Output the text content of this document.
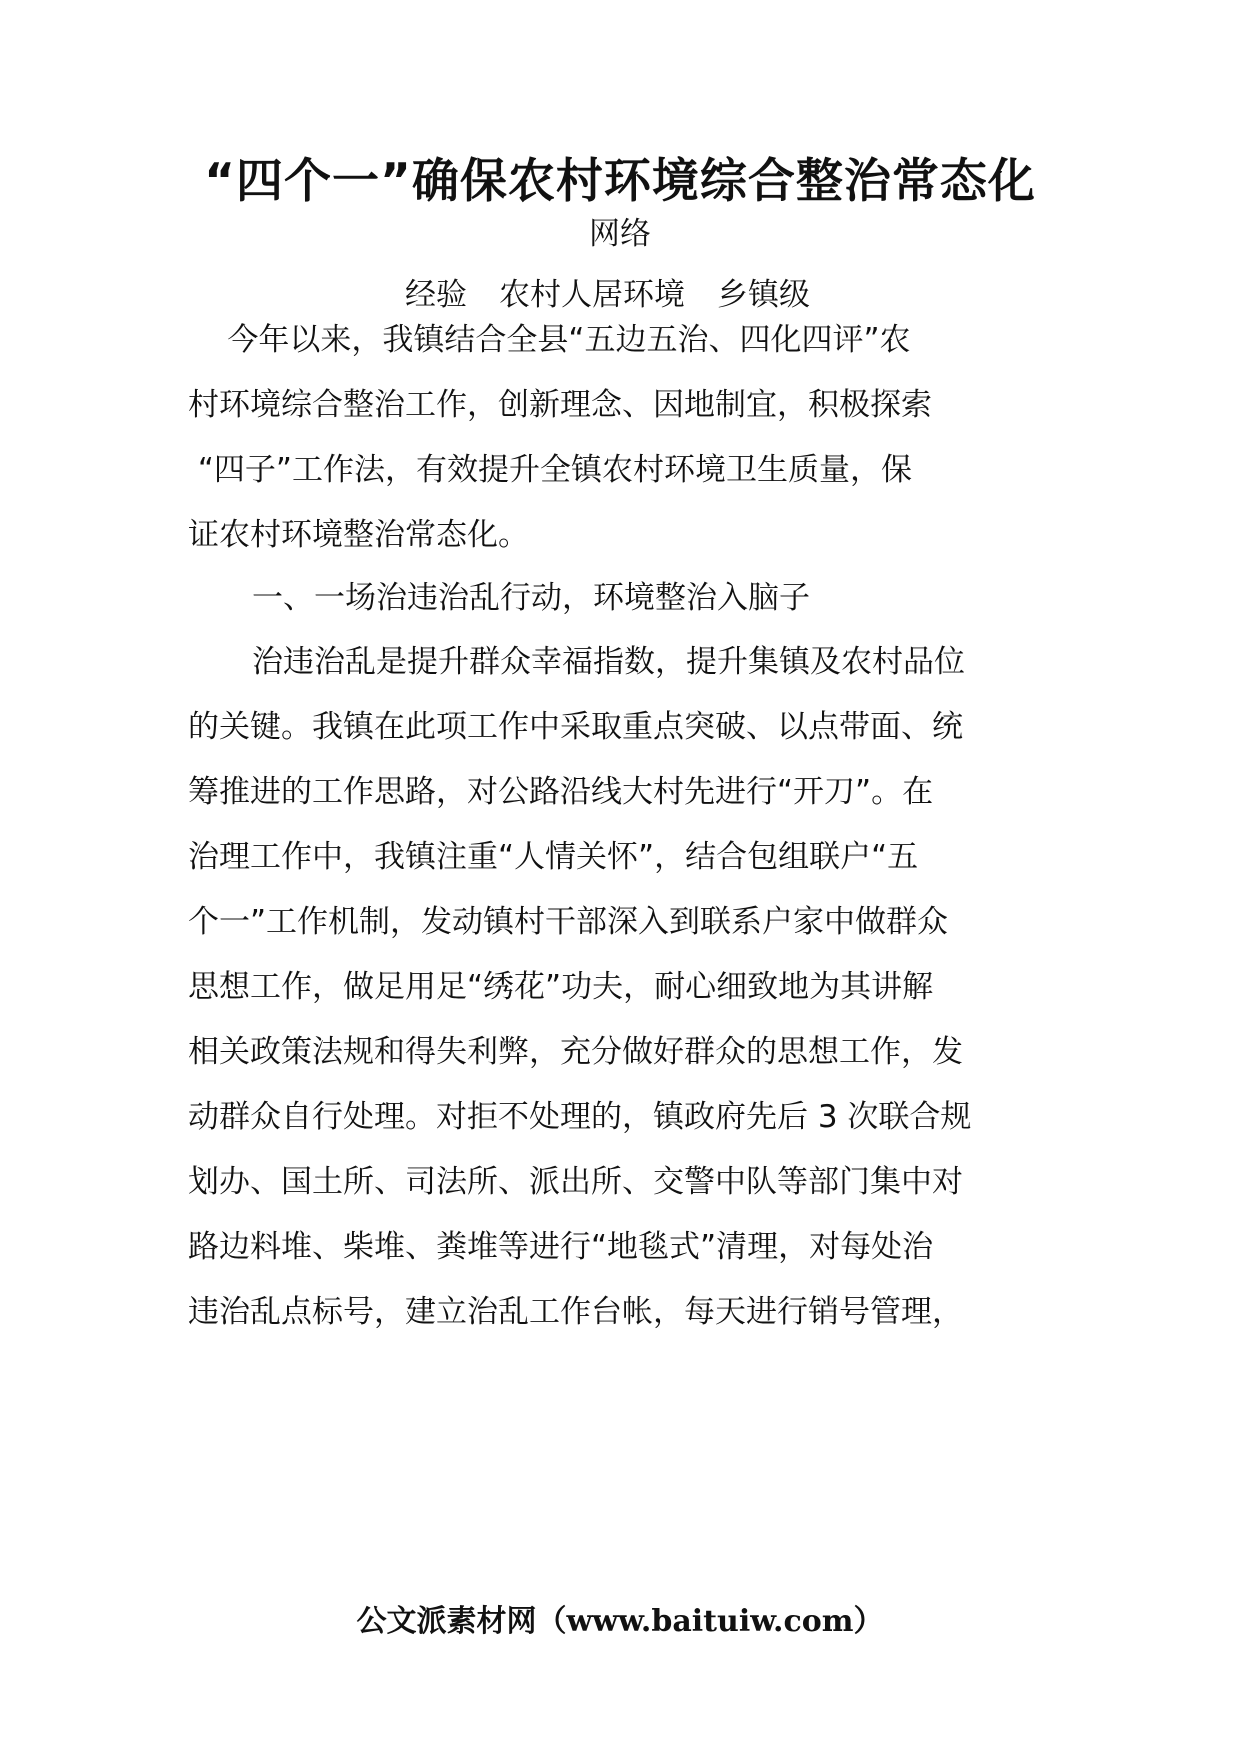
“四个一”确保农村环境综合整治常态化
网络
经验 农村人居环境 乡镇级
今年以来，我镇结合全县“五边五治、四化四评”农
村环境综合整治工作，创新理念、因地制宜，积极探索
“四子”工作法，有效提升全镇农村环境卫生质量，保
证农村环境整治常态化。
一、一场治违治乱行动，环境整治入脑子
治违治乱是提升群众幸福指数，提升集镇及农村品位
的关键。我镇在此项工作中采取重点突破、以点带面、统
筹推进的工作思路，对公路沿线大村先进行“开刀”。在
治理工作中，我镇注重“人情关怀”，结合包组联户“五
个一”工作机制，发动镇村干部深入到联系户家中做群众
思想工作，做足用足“绣花”功夫，耐心细致地为其讲解
相关政策法规和得失利弊，充分做好群众的思想工作，发
动群众自行处理。对拒不处理的，镇政府先后 3 次联合规
划办、国土所、司法所、派出所、交警中队等部门集中对
路边料堆、柴堆、粪堆等进行“地毯式”清理，对每处治
违治乱点标号，建立治乱工作台帐，每天进行销号管理，
公文派素材网（www.baituiw.com）
